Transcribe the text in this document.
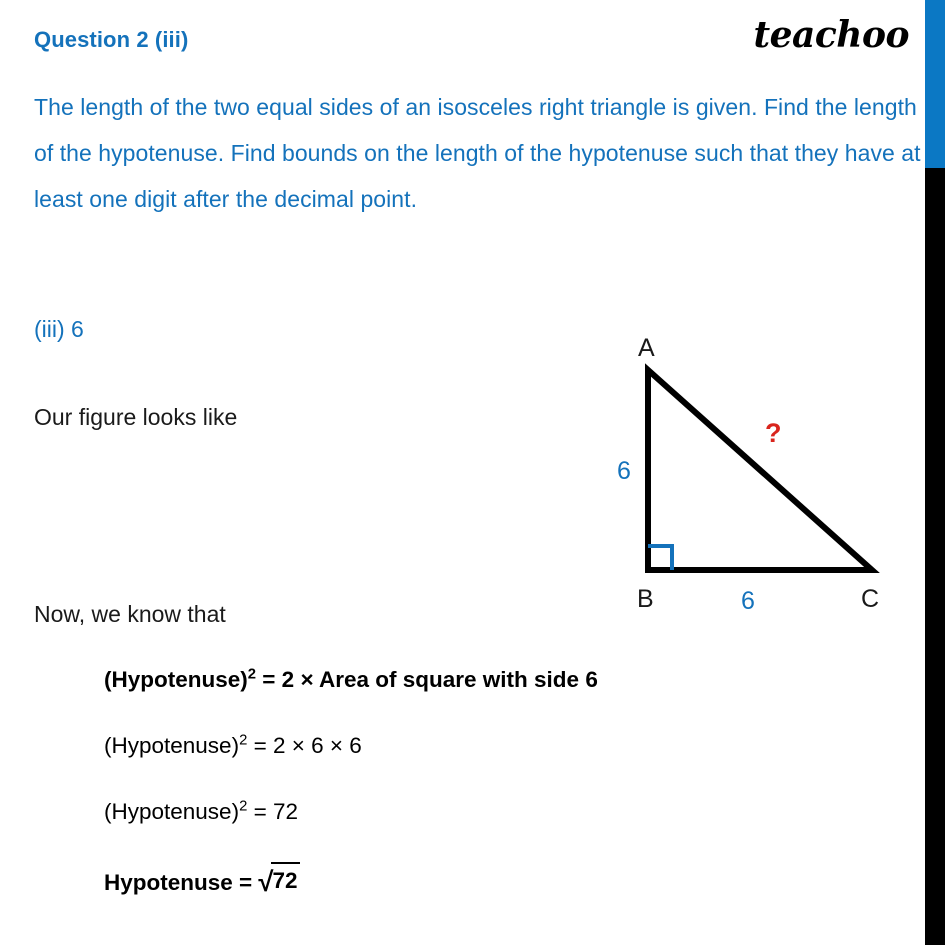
teachoo
Question 2 (iii)
The length of the two equal sides of an isosceles right triangle is given. Find the length of the hypotenuse. Find bounds on the length of the hypotenuse such that they have at least one digit after the decimal point.
(iii) 6
Our figure looks like
A
B	C
6
6
?
Now, we know that
(Hypotenuse)$^2$ = 2 × Area of square with side 6
(Hypotenuse)$^2$ = 2 × 6 × 6
(Hypotenuse)$^2$ = 72
Hypotenuse = √72
